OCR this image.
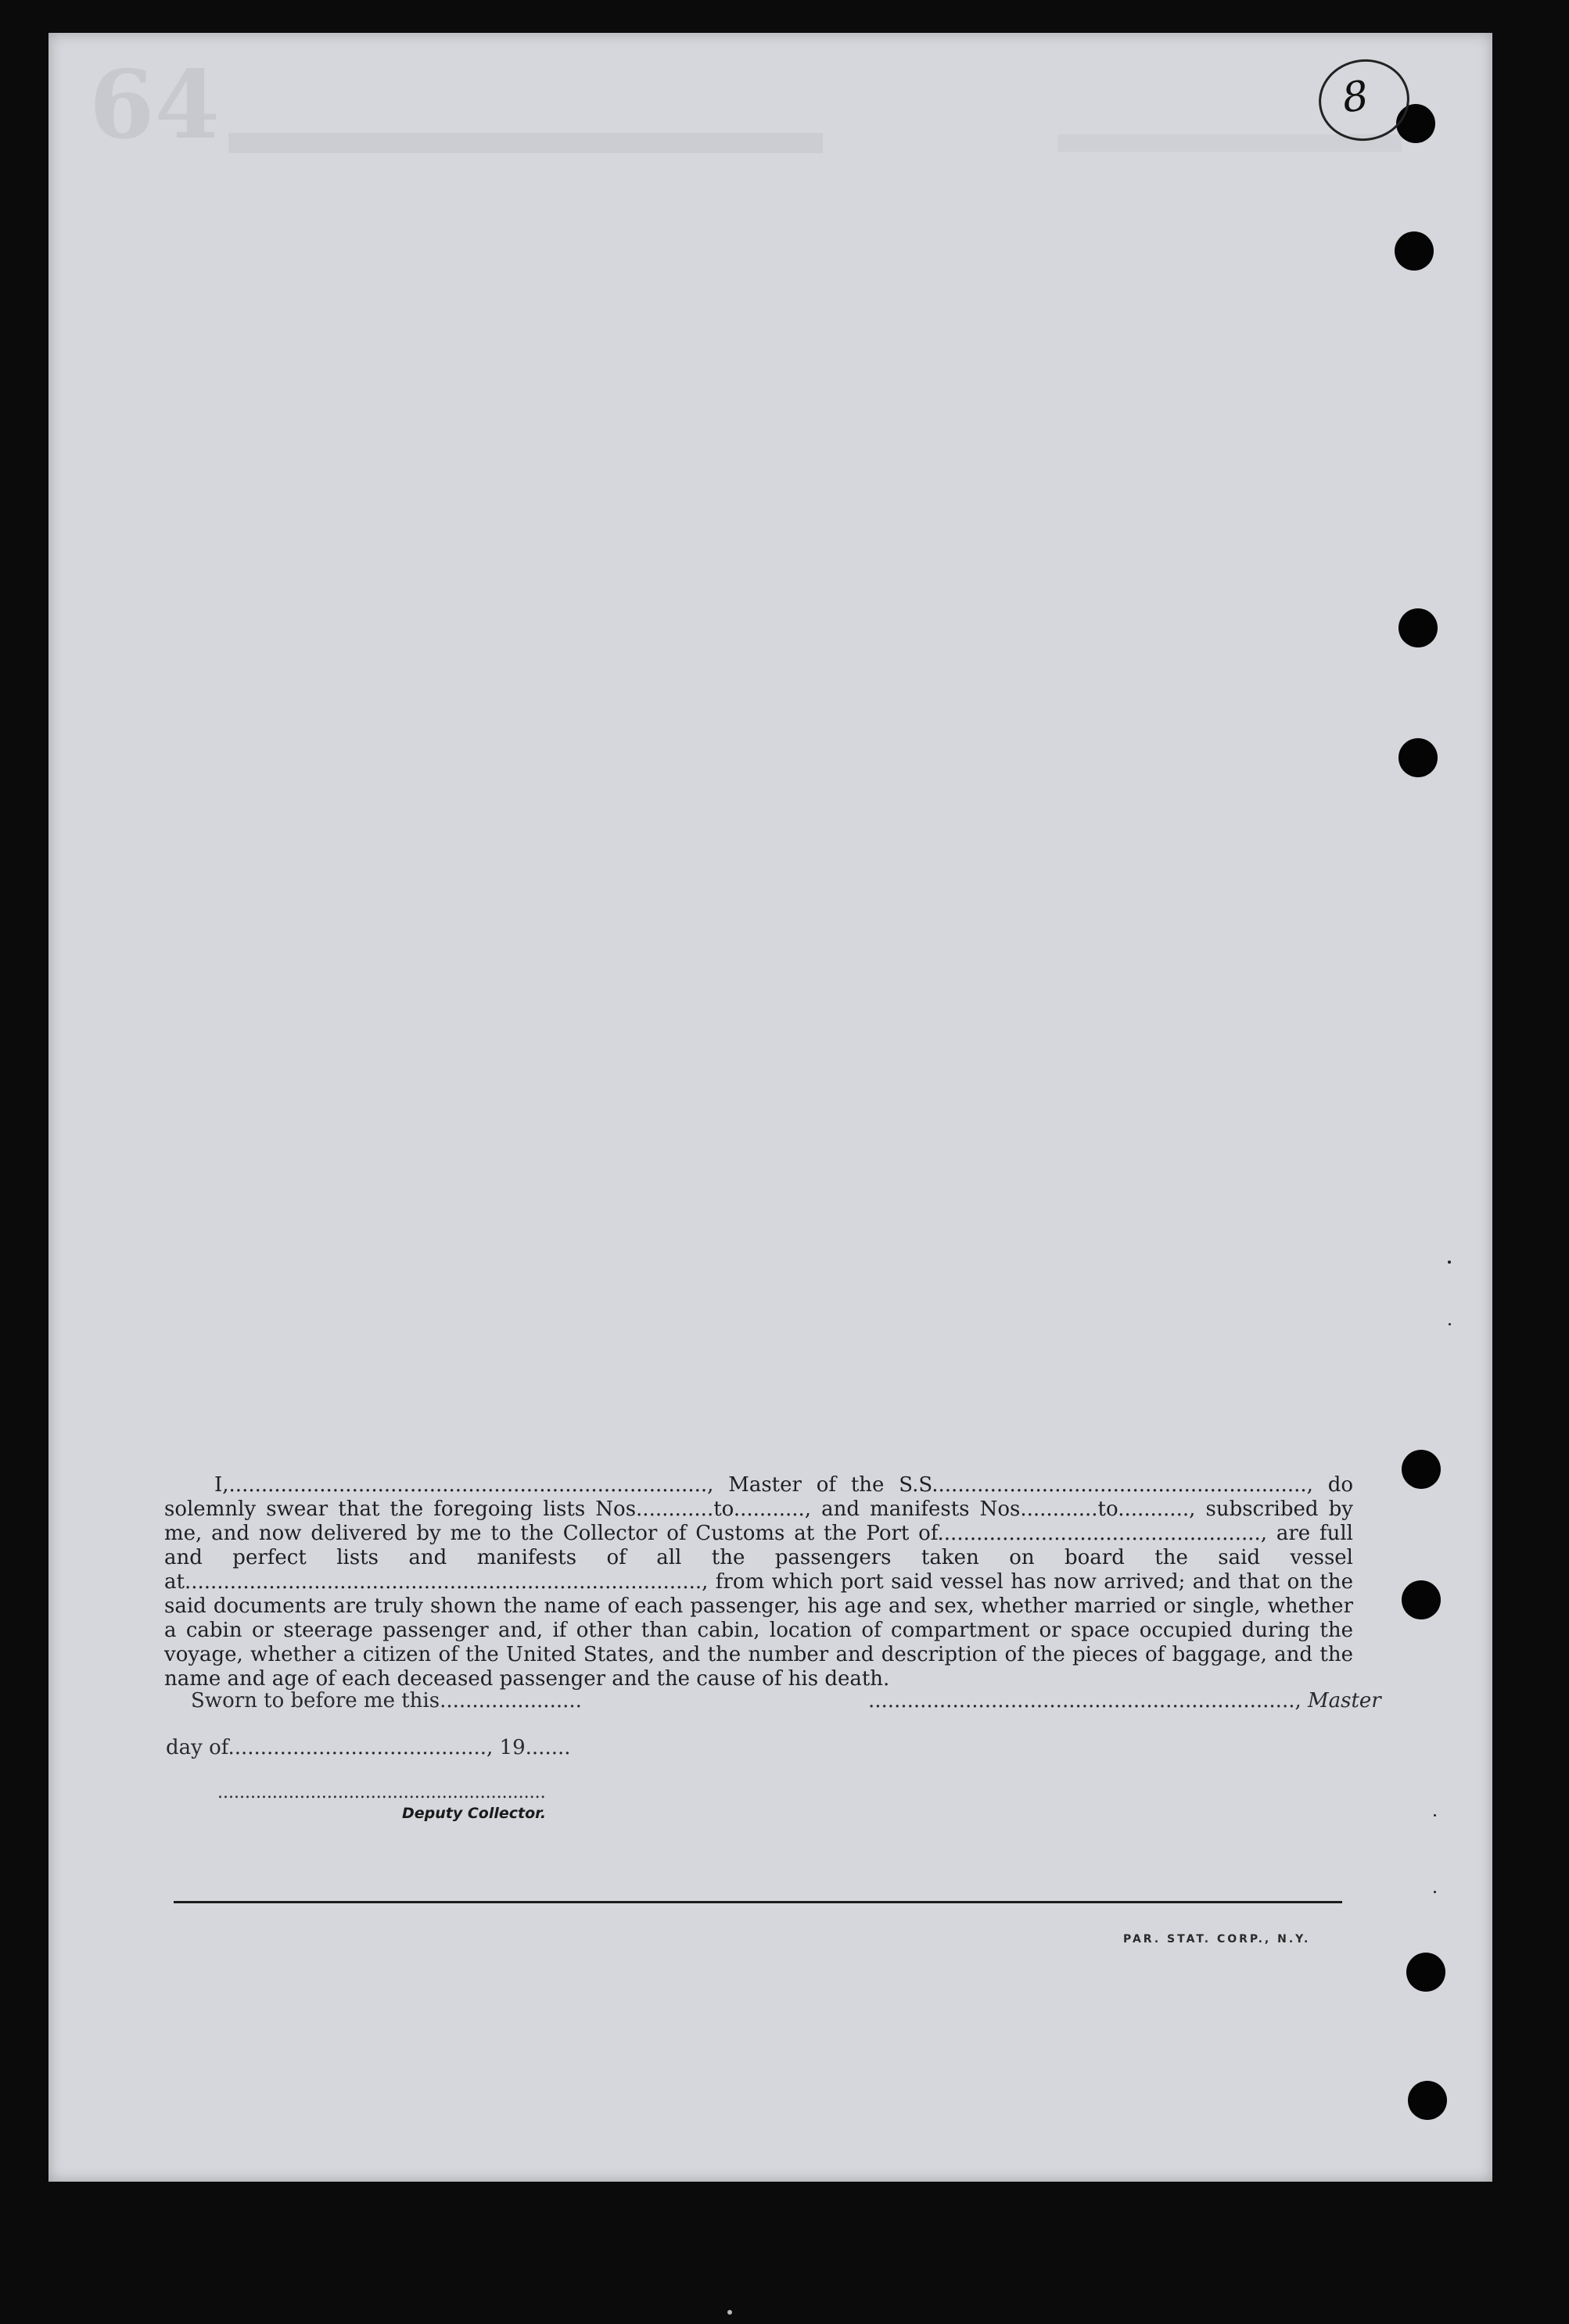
64	8

I,.........................................................................., Master of the S.S.........................................................., do solemnly swear that the foregoing lists Nos............to..........., and manifests Nos............to..........., subscribed by me, and now delivered by me to the Collector of Customs at the Port of.................................................., are full and perfect lists and manifests of all the passengers taken on board the said vessel at................................................................................, from which port said vessel has now arrived; and that on the said documents are truly shown the name of each passenger, his age and sex, whether married or single, whether a cabin or steerage passenger and, if other than cabin, location of compartment or space occupied during the voyage, whether a citizen of the United States, and the number and description of the pieces of baggage, and the name and age of each deceased passenger and the cause of his death.

Sworn to before me this......................	.................................................................., Master
day of........................................, 19.......
............................................................
Deputy Collector.
PAR. STAT. CORP., N.Y.
